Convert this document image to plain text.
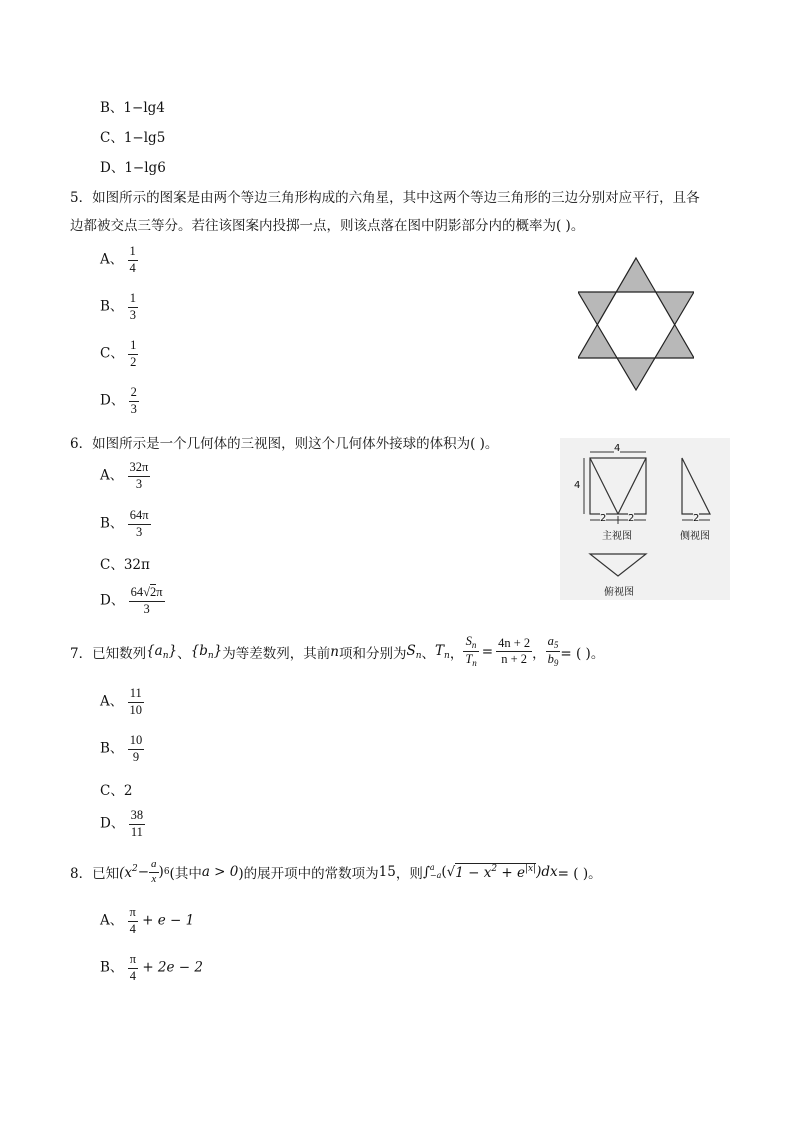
B、1−lg4
C、1−lg5
D、1−lg6
5．如图所示的图案是由两个等边三角形构成的六角星，其中这两个等边三角形的三边分别对应平行，且各
边都被交点三等分。若往该图案内投掷一点，则该点落在图中阴影部分内的概率为( )。
A、 $\frac{1}{4}$
B、 $\frac{1}{3}$
C、 $\frac{1}{2}$
D、 $\frac{2}{3}$
6．如图所示是一个几何体的三视图，则这个几何体外接球的体积为( )。
A、 $\frac{32\pi}{3}$
B、 $\frac{64\pi}{3}$
C、32π
D、 $\frac{64√2\pi}{3}$
4
4
2 2	2
主视图	侧视图
俯视图
7． 已知数列 $\{a_n\}$ 、 $\{b_n\}$ 为等差数列，其前 n 项和分别为 $S_n$ 、 $T_n$ ， $\frac{S_n}{T_n} = \frac{4n + 2}{n + 2}$ ， $\frac{a_5}{b_9}$ = ( )。
A、 $\frac{11}{10}$
B、 $\frac{10}{9}$
C、2
D、 $\frac{38}{11}$
8． 已知 ($x^2 - \frac{a}{x}$ ) 6 (其中 a > 0 )的展开项中的常数项为 15 ，则 ∫ a
−a ( √ $1 - x^2 + e^{|x|}$ )dx = ( )。
A、 $\frac{\pi}{4} + e - 1$
B、 $\frac{\pi}{4} + 2e - 2$
